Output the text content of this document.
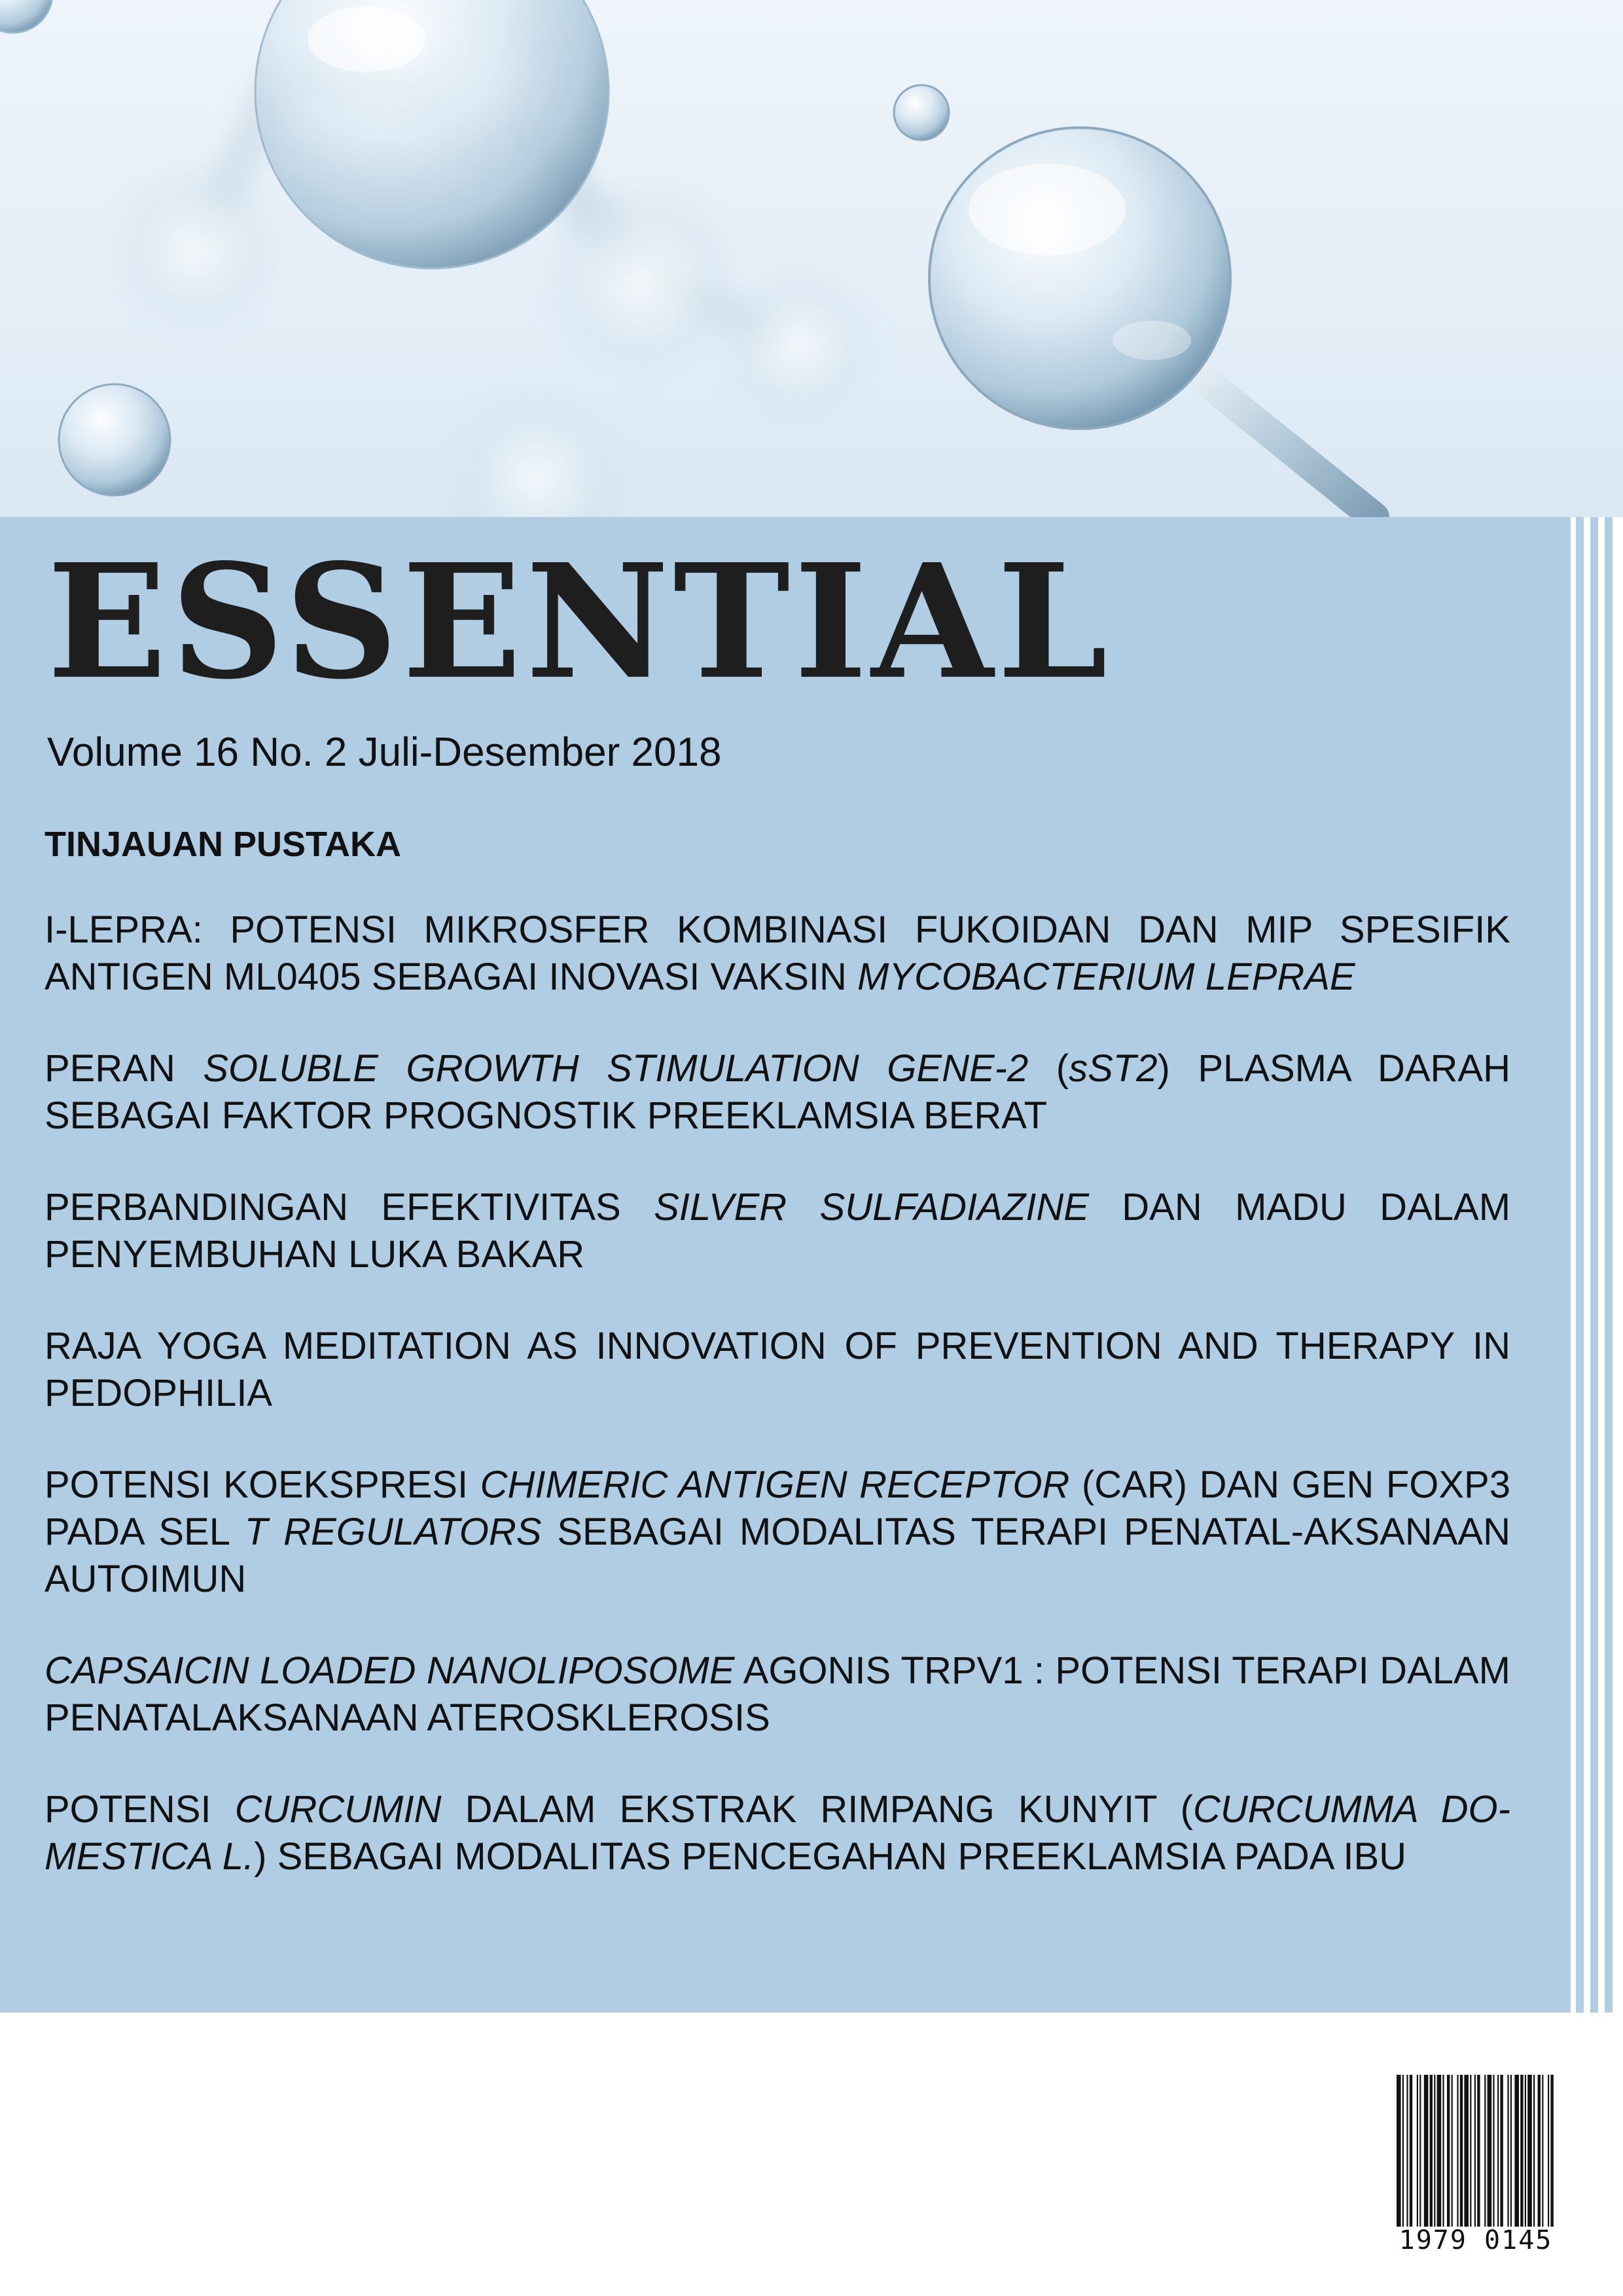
ESSENTIAL
Volume 16 No. 2 Juli-Desember 2018
TINJAUAN PUSTAKA
I-LEPRA: POTENSI MIKROSFER KOMBINASI FUKOIDAN DAN MIP SPESIFIK ANTIGEN ML0405 SEBAGAI INOVASI VAKSIN MYCOBACTERIUM LEPRAE
PERAN SOLUBLE GROWTH STIMULATION GENE-2 (sST2) PLASMA DARAH SEBAGAI FAKTOR PROGNOSTIK PREEKLAMSIA BERAT
PERBANDINGAN EFEKTIVITAS SILVER SULFADIAZINE DAN MADU DALAM PENYEMBUHAN LUKA BAKAR
RAJA YOGA MEDITATION AS INNOVATION OF PREVENTION AND THERAPY IN PEDOPHILIA
POTENSI KOEKSPRESI CHIMERIC ANTIGEN RECEPTOR (CAR) DAN GEN FOXP3 PADA SEL T REGULATORS SEBAGAI MODALITAS TERAPI PENATAL-AKSANAAN AUTOIMUN
CAPSAICIN LOADED NANOLIPOSOME AGONIS TRPV1 : POTENSI TERAPI DALAM PENATALAKSANAAN ATEROSKLEROSIS
POTENSI CURCUMIN DALAM EKSTRAK RIMPANG KUNYIT (CURCUMMA DO-MESTICA L.) SEBAGAI MODALITAS PENCEGAHAN PREEKLAMSIA PADA IBU
1979 0145
